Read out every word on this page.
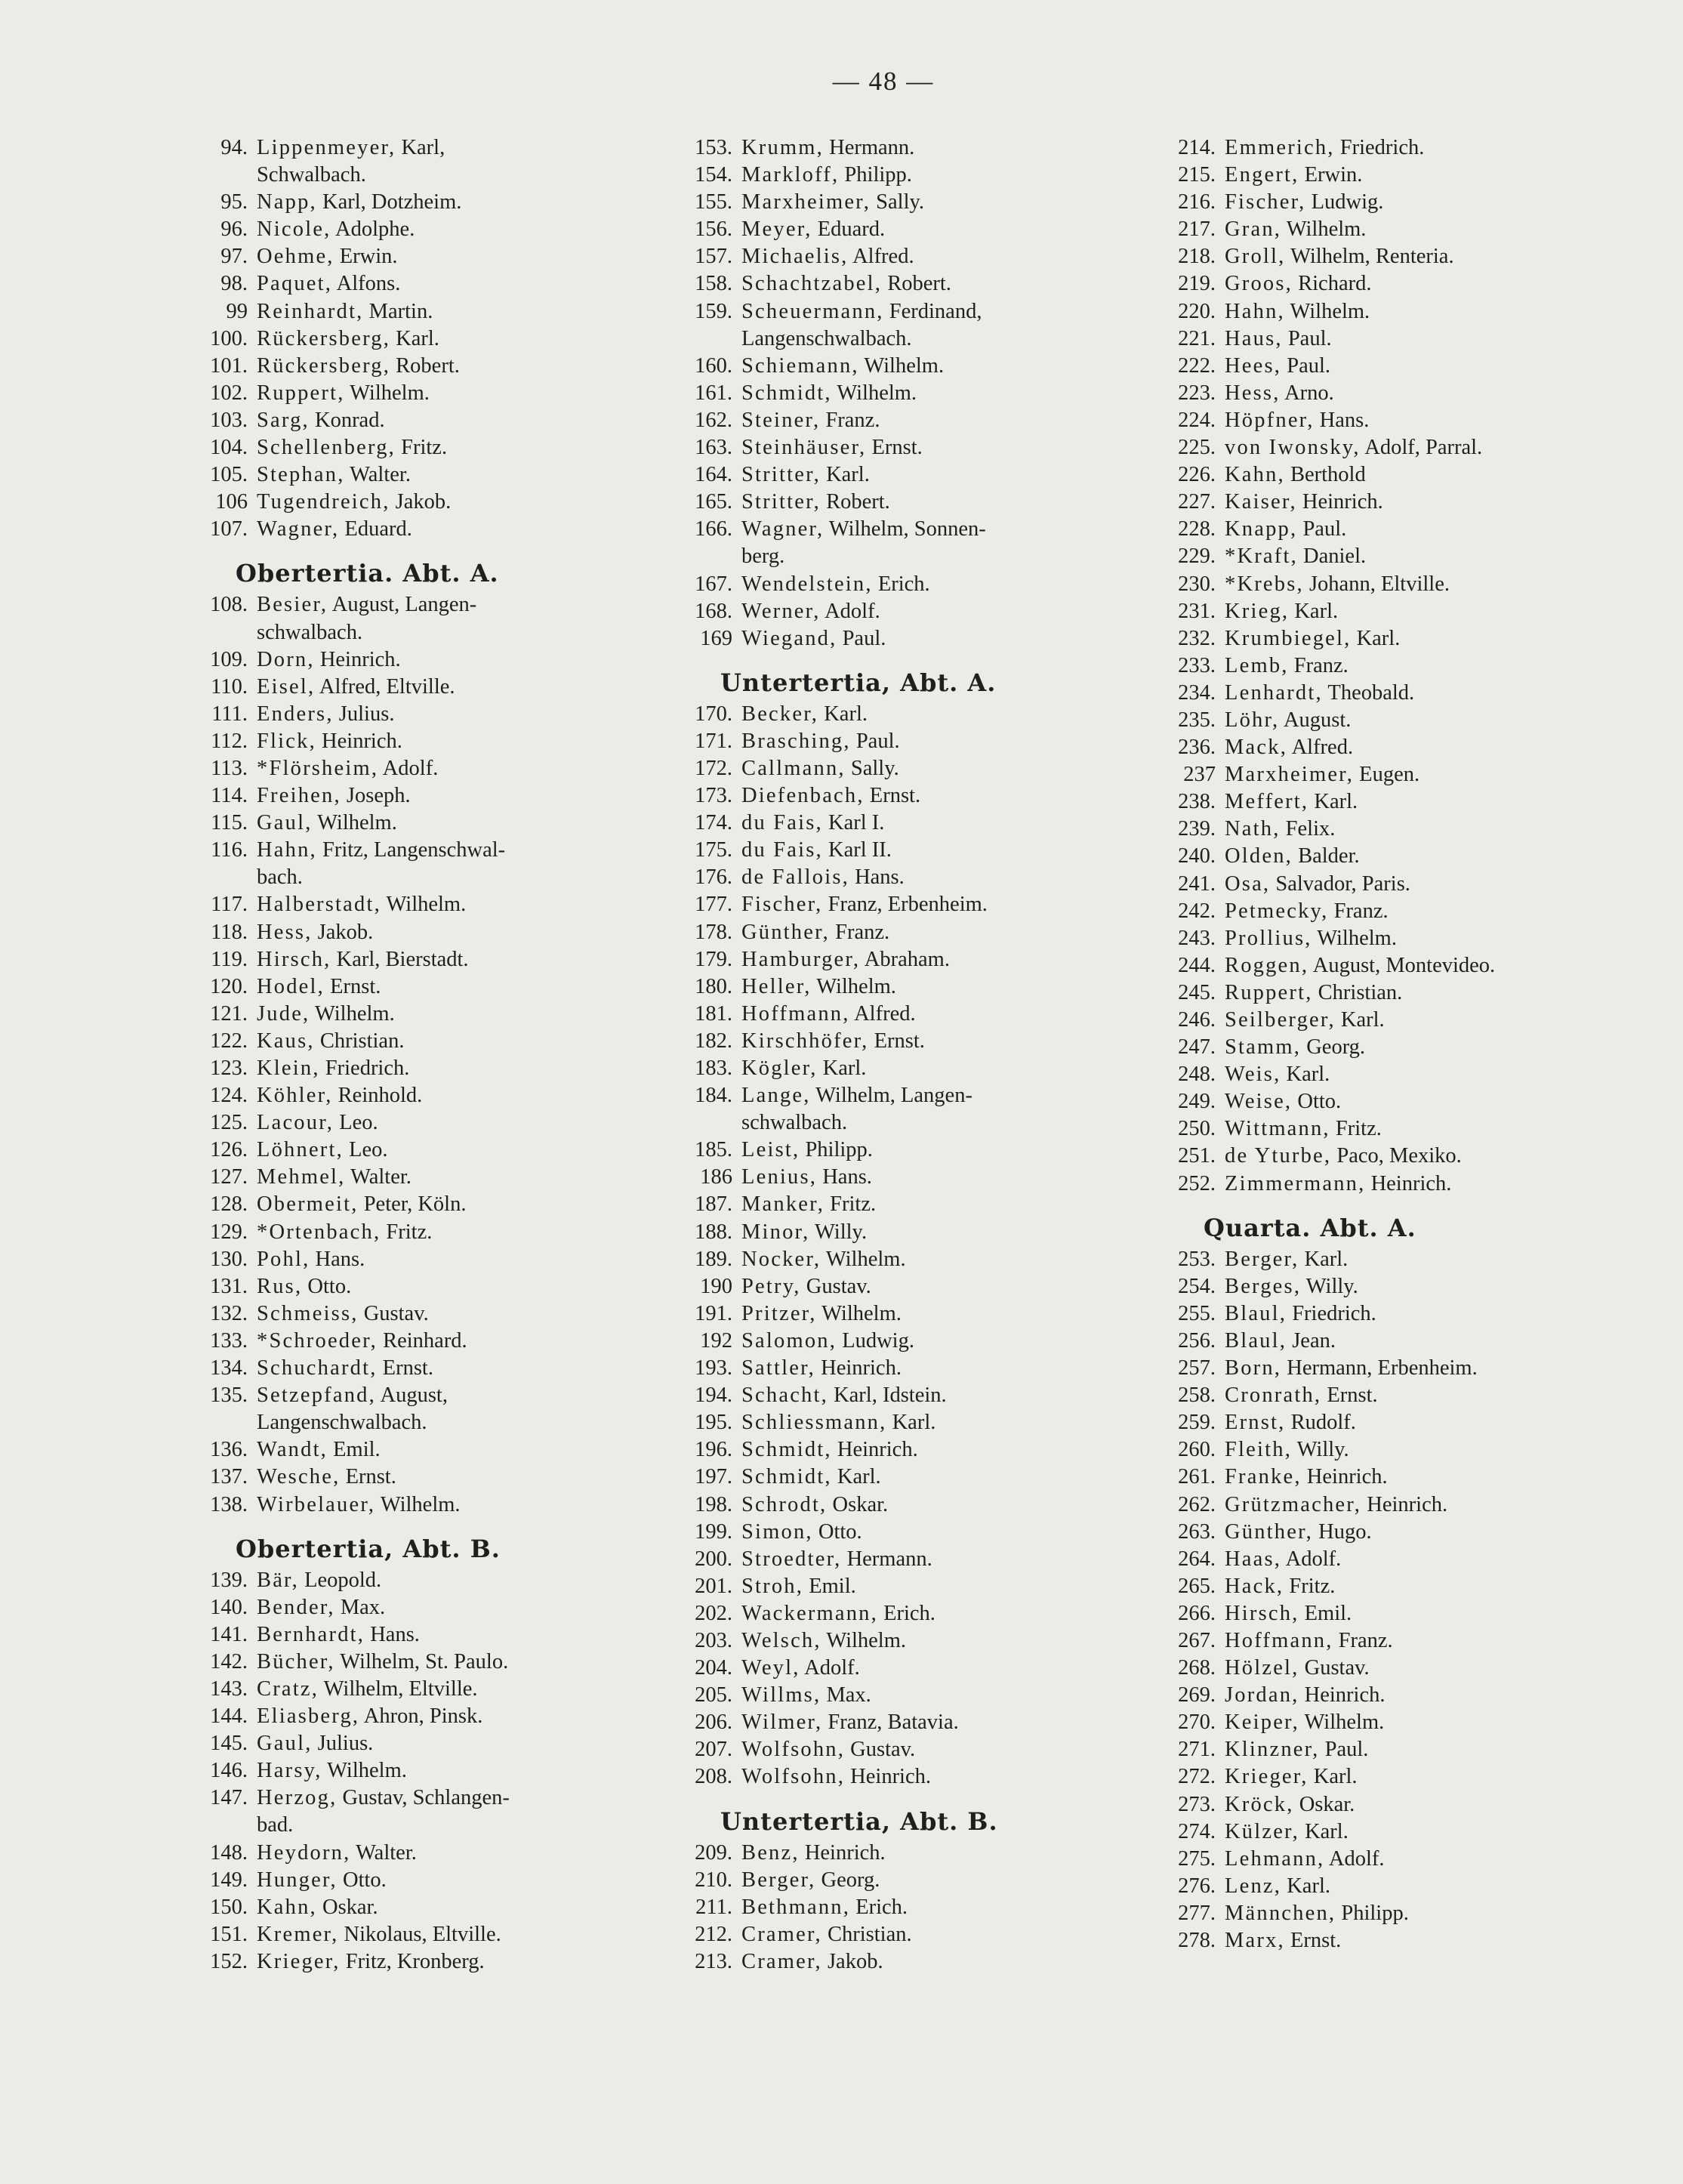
— 48 —
94. Lippenmeyer, Karl,
Schwalbach.
95. Napp, Karl, Dotzheim.
96. Nicole, Adolphe.
97. Oehme, Erwin.
98. Paquet, Alfons.
99 Reinhardt, Martin.
100. Rückersberg, Karl.
101. Rückersberg, Robert.
102. Ruppert, Wilhelm.
103. Sarg, Konrad.
104. Schellenberg, Fritz.
105. Stephan, Walter.
106 Tugendreich, Jakob.
107. Wagner, Eduard.
Obertertia. Abt. A.
108. Besier, August, Langen-
schwalbach.
109. Dorn, Heinrich.
110. Eisel, Alfred, Eltville.
111. Enders, Julius.
112. Flick, Heinrich.
113. *Flörsheim, Adolf.
114. Freihen, Joseph.
115. Gaul, Wilhelm.
116. Hahn, Fritz, Langenschwal-
bach.
117. Halberstadt, Wilhelm.
118. Hess, Jakob.
119. Hirsch, Karl, Bierstadt.
120. Hodel, Ernst.
121. Jude, Wilhelm.
122. Kaus, Christian.
123. Klein, Friedrich.
124. Köhler, Reinhold.
125. Lacour, Leo.
126. Löhnert, Leo.
127. Mehmel, Walter.
128. Obermeit, Peter, Köln.
129. *Ortenbach, Fritz.
130. Pohl, Hans.
131. Rus, Otto.
132. Schmeiss, Gustav.
133. *Schroeder, Reinhard.
134. Schuchardt, Ernst.
135. Setzepfand, August,
Langenschwalbach.
136. Wandt, Emil.
137. Wesche, Ernst.
138. Wirbelauer, Wilhelm.
Obertertia, Abt. B.
139. Bär, Leopold.
140. Bender, Max.
141. Bernhardt, Hans.
142. Bücher, Wilhelm, St. Paulo.
143. Cratz, Wilhelm, Eltville.
144. Eliasberg, Ahron, Pinsk.
145. Gaul, Julius.
146. Harsy, Wilhelm.
147. Herzog, Gustav, Schlangen-
bad.
148. Heydorn, Walter.
149. Hunger, Otto.
150. Kahn, Oskar.
151. Kremer, Nikolaus, Eltville.
152. Krieger, Fritz, Kronberg.
153. Krumm, Hermann.
154. Markloff, Philipp.
155. Marxheimer, Sally.
156. Meyer, Eduard.
157. Michaelis, Alfred.
158. Schachtzabel, Robert.
159. Scheuermann, Ferdinand,
Langenschwalbach.
160. Schiemann, Wilhelm.
161. Schmidt, Wilhelm.
162. Steiner, Franz.
163. Steinhäuser, Ernst.
164. Stritter, Karl.
165. Stritter, Robert.
166. Wagner, Wilhelm, Sonnen-
berg.
167. Wendelstein, Erich.
168. Werner, Adolf.
169 Wiegand, Paul.
Untertertia, Abt. A.
170. Becker, Karl.
171. Brasching, Paul.
172. Callmann, Sally.
173. Diefenbach, Ernst.
174. du Fais, Karl I.
175. du Fais, Karl II.
176. de Fallois, Hans.
177. Fischer, Franz, Erbenheim.
178. Günther, Franz.
179. Hamburger, Abraham.
180. Heller, Wilhelm.
181. Hoffmann, Alfred.
182. Kirschhöfer, Ernst.
183. Kögler, Karl.
184. Lange, Wilhelm, Langen-
schwalbach.
185. Leist, Philipp.
186 Lenius, Hans.
187. Manker, Fritz.
188. Minor, Willy.
189. Nocker, Wilhelm.
190 Petry, Gustav.
191. Pritzer, Wilhelm.
192 Salomon, Ludwig.
193. Sattler, Heinrich.
194. Schacht, Karl, Idstein.
195. Schliessmann, Karl.
196. Schmidt, Heinrich.
197. Schmidt, Karl.
198. Schrodt, Oskar.
199. Simon, Otto.
200. Stroedter, Hermann.
201. Stroh, Emil.
202. Wackermann, Erich.
203. Welsch, Wilhelm.
204. Weyl, Adolf.
205. Willms, Max.
206. Wilmer, Franz, Batavia.
207. Wolfsohn, Gustav.
208. Wolfsohn, Heinrich.
Untertertia, Abt. B.
209. Benz, Heinrich.
210. Berger, Georg.
211. Bethmann, Erich.
212. Cramer, Christian.
213. Cramer, Jakob.
214. Emmerich, Friedrich.
215. Engert, Erwin.
216. Fischer, Ludwig.
217. Gran, Wilhelm.
218. Groll, Wilhelm, Renteria.
219. Groos, Richard.
220. Hahn, Wilhelm.
221. Haus, Paul.
222. Hees, Paul.
223. Hess, Arno.
224. Höpfner, Hans.
225. von Iwonsky, Adolf, Parral.
226. Kahn, Berthold
227. Kaiser, Heinrich.
228. Knapp, Paul.
229. *Kraft, Daniel.
230. *Krebs, Johann, Eltville.
231. Krieg, Karl.
232. Krumbiegel, Karl.
233. Lemb, Franz.
234. Lenhardt, Theobald.
235. Löhr, August.
236. Mack, Alfred.
237 Marxheimer, Eugen.
238. Meffert, Karl.
239. Nath, Felix.
240. Olden, Balder.
241. Osa, Salvador, Paris.
242. Petmecky, Franz.
243. Prollius, Wilhelm.
244. Roggen, August, Montevideo.
245. Ruppert, Christian.
246. Seilberger, Karl.
247. Stamm, Georg.
248. Weis, Karl.
249. Weise, Otto.
250. Wittmann, Fritz.
251. de Yturbe, Paco, Mexiko.
252. Zimmermann, Heinrich.
Quarta. Abt. A.
253. Berger, Karl.
254. Berges, Willy.
255. Blaul, Friedrich.
256. Blaul, Jean.
257. Born, Hermann, Erbenheim.
258. Cronrath, Ernst.
259. Ernst, Rudolf.
260. Fleith, Willy.
261. Franke, Heinrich.
262. Grützmacher, Heinrich.
263. Günther, Hugo.
264. Haas, Adolf.
265. Hack, Fritz.
266. Hirsch, Emil.
267. Hoffmann, Franz.
268. Hölzel, Gustav.
269. Jordan, Heinrich.
270. Keiper, Wilhelm.
271. Klinzner, Paul.
272. Krieger, Karl.
273. Kröck, Oskar.
274. Külzer, Karl.
275. Lehmann, Adolf.
276. Lenz, Karl.
277. Männchen, Philipp.
278. Marx, Ernst.
